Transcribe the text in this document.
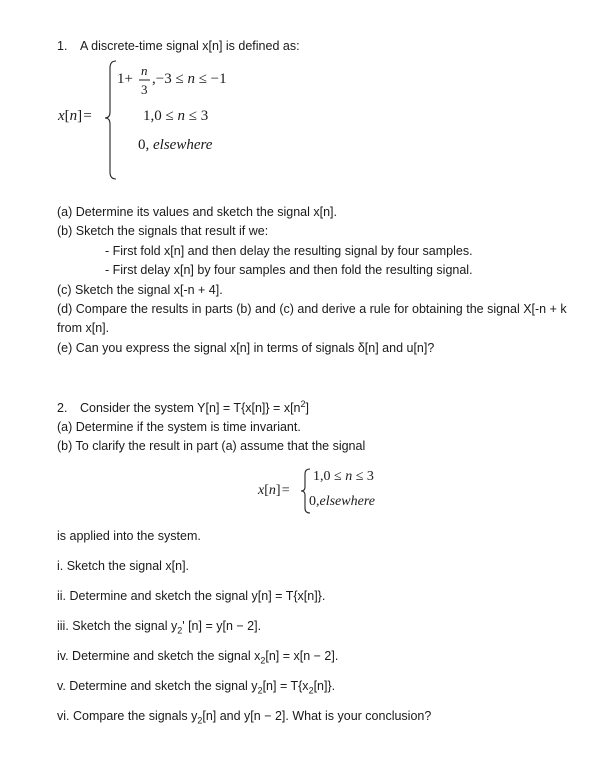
1. A discrete-time signal x[n] is defined as:
x[n] =
1+
n
3
,−3 ≤ n ≤ −1
1,0 ≤ n ≤ 3
0, elsewhere
(a) Determine its values and sketch the signal x[n].
(b) Sketch the signals that result if we:
- First fold x[n] and then delay the resulting signal by four samples.
- First delay x[n] by four samples and then fold the resulting signal.
(c) Sketch the signal x[-n + 4].
(d) Compare the results in parts (b) and (c) and derive a rule for obtaining the signal X[-n + k
from x[n].
(e) Can you express the signal x[n] in terms of signals δ[n] and u[n]?
2. Consider the system $Y[n] = T\{x[n]\} = x[n^2]$
(a) Determine if the system is time invariant.
(b) To clarify the result in part (a) assume that the signal
x[n] =
1,0 ≤ n ≤ 3
0,elsewhere
is applied into the system.
i. Sketch the signal x[n].
ii. Determine and sketch the signal y[n] = T{x[n]}.
iii. Sketch the signal $y_2'$ [n] = y[n − 2].
iv. Determine and sketch the signal $x_2[n] = x[n - 2]$.
v. Determine and sketch the signal $y_2[n] = T\{x_2[n]\}$.
vi. Compare the signals $y_2[n]$ and y[n − 2]. What is your conclusion?
